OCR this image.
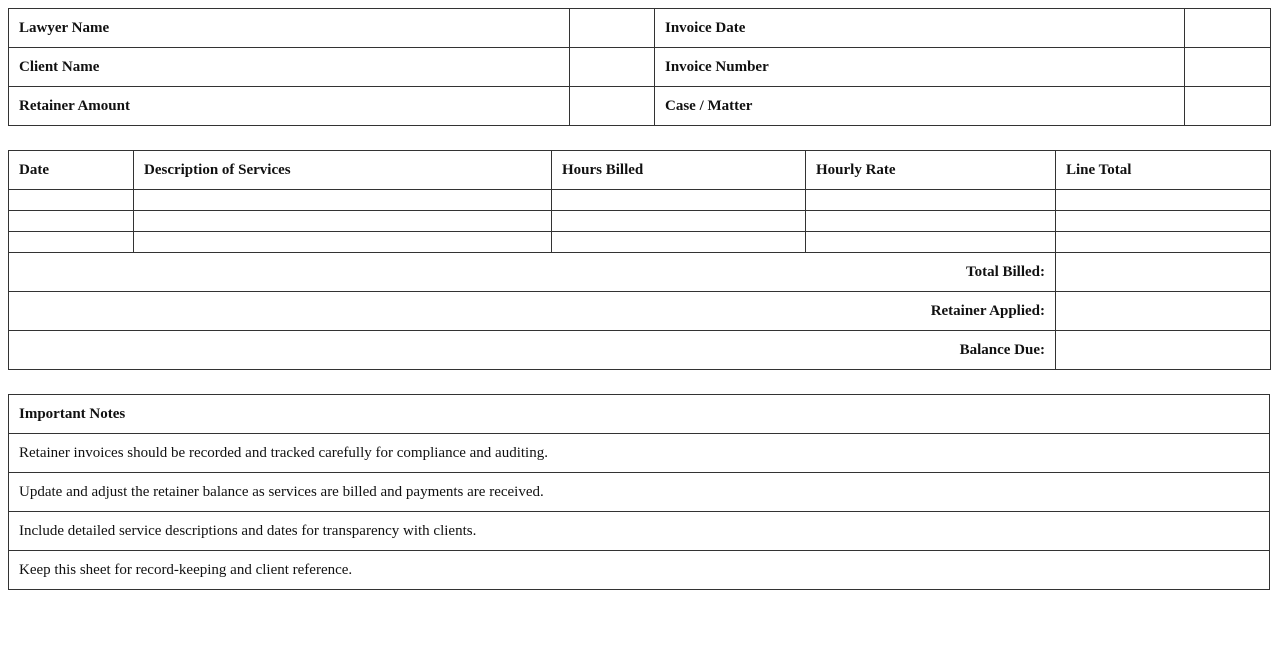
Lawyer Name		Invoice Date	
Client Name		Invoice Number	
Retainer Amount		Case / Matter	
Date	Description of Services	Hours Billed	Hourly Rate	Line Total

Total Billed:				
Retainer Applied:				
Balance Due:				
Important Notes
Retainer invoices should be recorded and tracked carefully for compliance and auditing.
Update and adjust the retainer balance as services are billed and payments are received.
Include detailed service descriptions and dates for transparency with clients.
Keep this sheet for record-keeping and client reference.
